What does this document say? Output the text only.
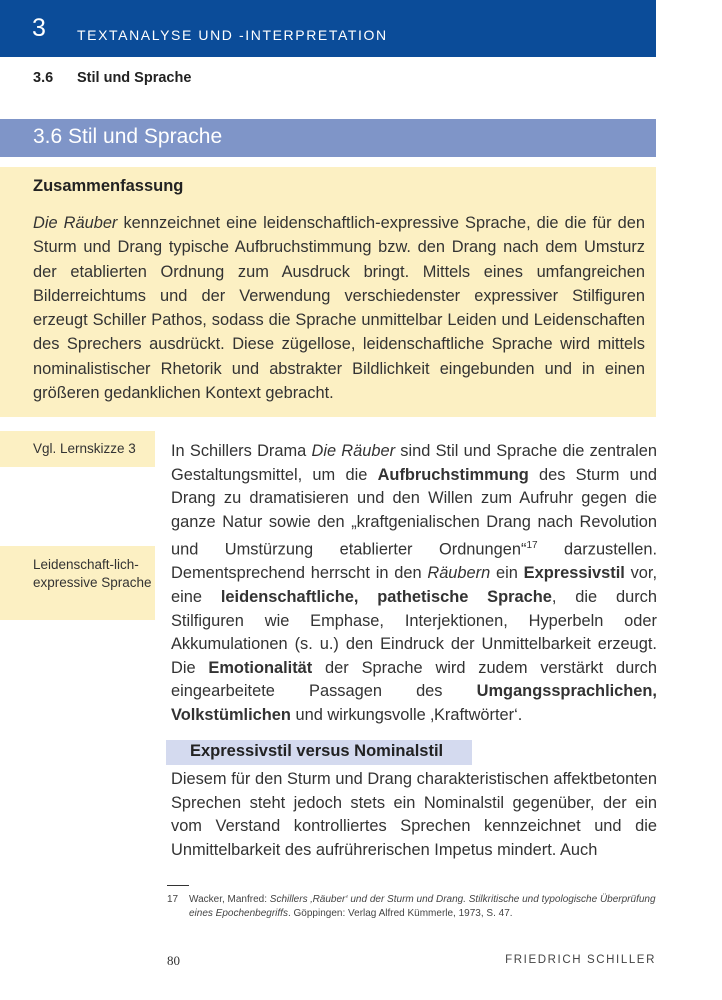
3 TEXTANALYSE UND -INTERPRETATION
3.6 Stil und Sprache
3.6 Stil und Sprache
Zusammenfassung

Die Räuber kennzeichnet eine leidenschaftlich-expressive Sprache, die die für den Sturm und Drang typische Aufbruchstimmung bzw. den Drang nach dem Umsturz der etablierten Ordnung zum Ausdruck bringt. Mittels eines umfangreichen Bilderreichtums und der Verwendung verschiedenster expressiver Stilfiguren erzeugt Schiller Pathos, sodass die Sprache unmittelbar Leiden und Leidenschaften des Sprechers ausdrückt. Diese zügellose, leidenschaftliche Sprache wird mittels nominalistischer Rhetorik und abstrakter Bildlichkeit eingebunden und in einen größeren gedanklichen Kontext gebracht.

Vgl. Lernskizze 3
Leidenschaft-lich-expressive Sprache

In Schillers Drama Die Räuber sind Stil und Sprache die zentralen Gestaltungsmittel, um die Aufbruchstimmung des Sturm und Drang zu dramatisieren und den Willen zum Aufruhr gegen die ganze Natur sowie den „kraftgenialischen Drang nach Revolution und Umstürzung etablierter Ordnungen“$^{17}$ darzustellen. Dementsprechend herrscht in den Räubern ein Expressivstil vor, eine leidenschaftliche, pathetische Sprache, die durch Stilfiguren wie Emphase, Interjektionen, Hyperbeln oder Akkumulationen (s. u.) den Eindruck der Unmittelbarkeit erzeugt. Die Emotionalität der Sprache wird zudem verstärkt durch eingearbeitete Passagen des Umgangssprachlichen, Volkstümlichen und wirkungsvolle ‚Kraftwörter‘.

Expressivstil versus Nominalstil

Diesem für den Sturm und Drang charakteristischen affektbetonten Sprechen steht jedoch stets ein Nominalstil gegenüber, der ein vom Verstand kontrolliertes Sprechen kennzeichnet und die Unmittelbarkeit des aufrührerischen Impetus mindert. Auch

17 Wacker, Manfred: Schillers ‚Räuber‘ und der Sturm und Drang. Stilkritische und typologische Überprüfung eines Epochenbegriffs. Göppingen: Verlag Alfred Kümmerle, 1973, S. 47.
80	FRIEDRICH SCHILLER
